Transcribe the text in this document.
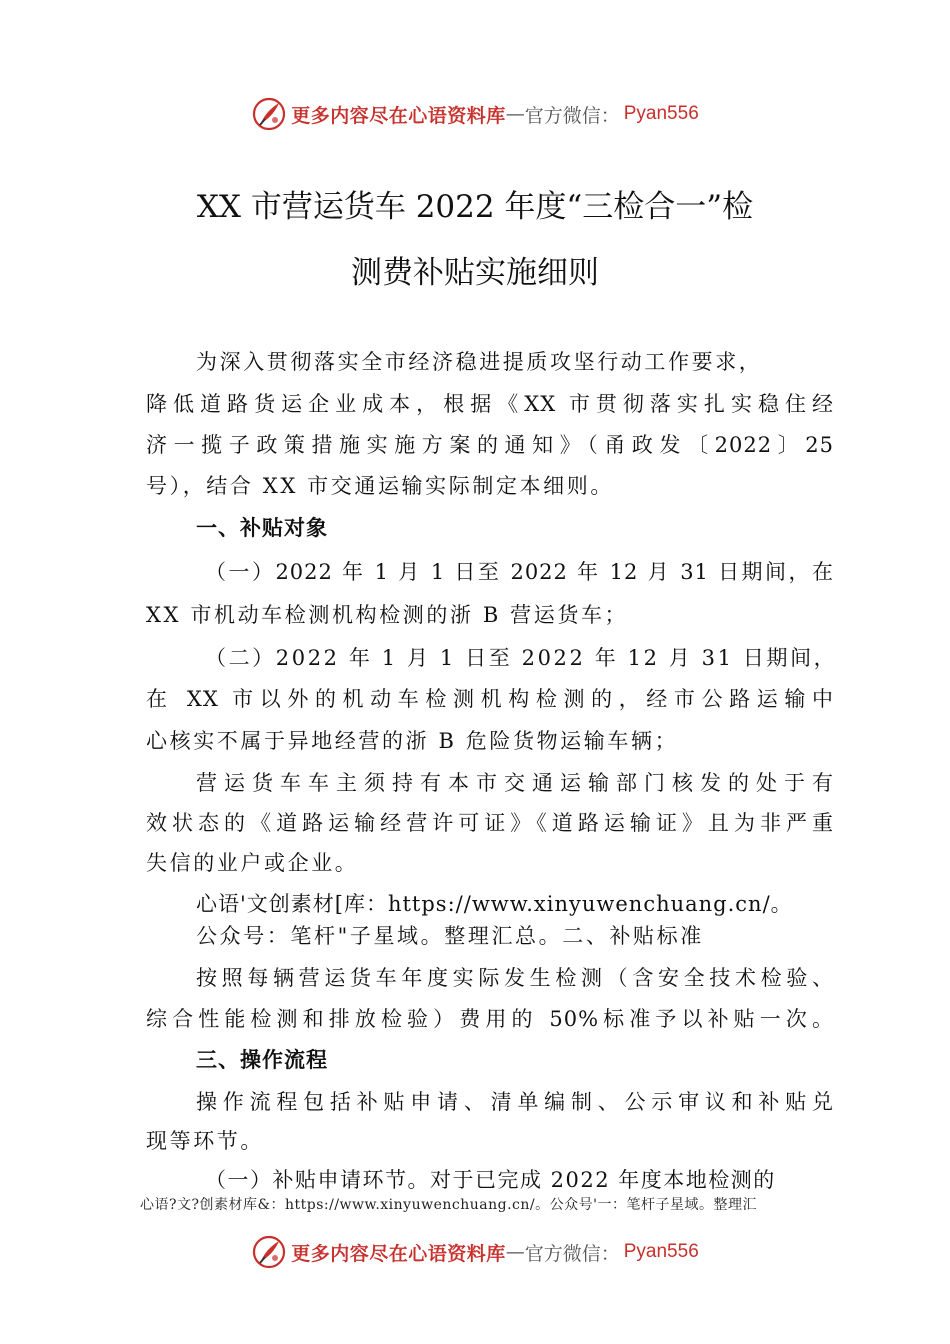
更多内容尽在心语资料库 — 官方微信： Pyan556
XX 市营运货车 2022 年度“三检合一”检
测费补贴实施细则
为深入贯彻落实全市经济稳进提质攻坚行动工作要求，
降低道路货运企业成本，根据《XX 市贯彻落实扎实稳住经
济一揽子政策措施实施方案的通知》（甬政发〔2022〕25
号），结合 XX 市交通运输实际制定本细则。
一、补贴对象
（一）2022 年 1 月 1 日至 2022 年 12 月 31 日期间，在
XX 市机动车检测机构检测的浙 B 营运货车；
（二）2022 年 1 月 1 日至 2022 年 12 月 31 日期间，
在 XX 市以外的机动车检测机构检测的，经市公路运输中
心核实不属于异地经营的浙 B 危险货物运输车辆；
营运货车车主须持有本市交通运输部门核发的处于有
效状态的《道路运输经营许可证》《道路运输证》且为非严重
失信的业户或企业。
心语'文创素材[库：https://www.xinyuwenchuang.cn/。
公众号：笔杆"子星域。整理汇总。二、补贴标准
按照每辆营运货车年度实际发生检测（含安全技术检验、
综合性能检测和排放检验）费用的 50%标准予以补贴一次。
三、操作流程
操作流程包括补贴申请、清单编制、公示审议和补贴兑
现等环节。
（一）补贴申请环节。对于已完成 2022 年度本地检测的
心语?文?创素材库&：https://www.xinyuwenchuang.cn/。公众号'一：笔杆子星域。整理汇
更多内容尽在心语资料库 — 官方微信： Pyan556
